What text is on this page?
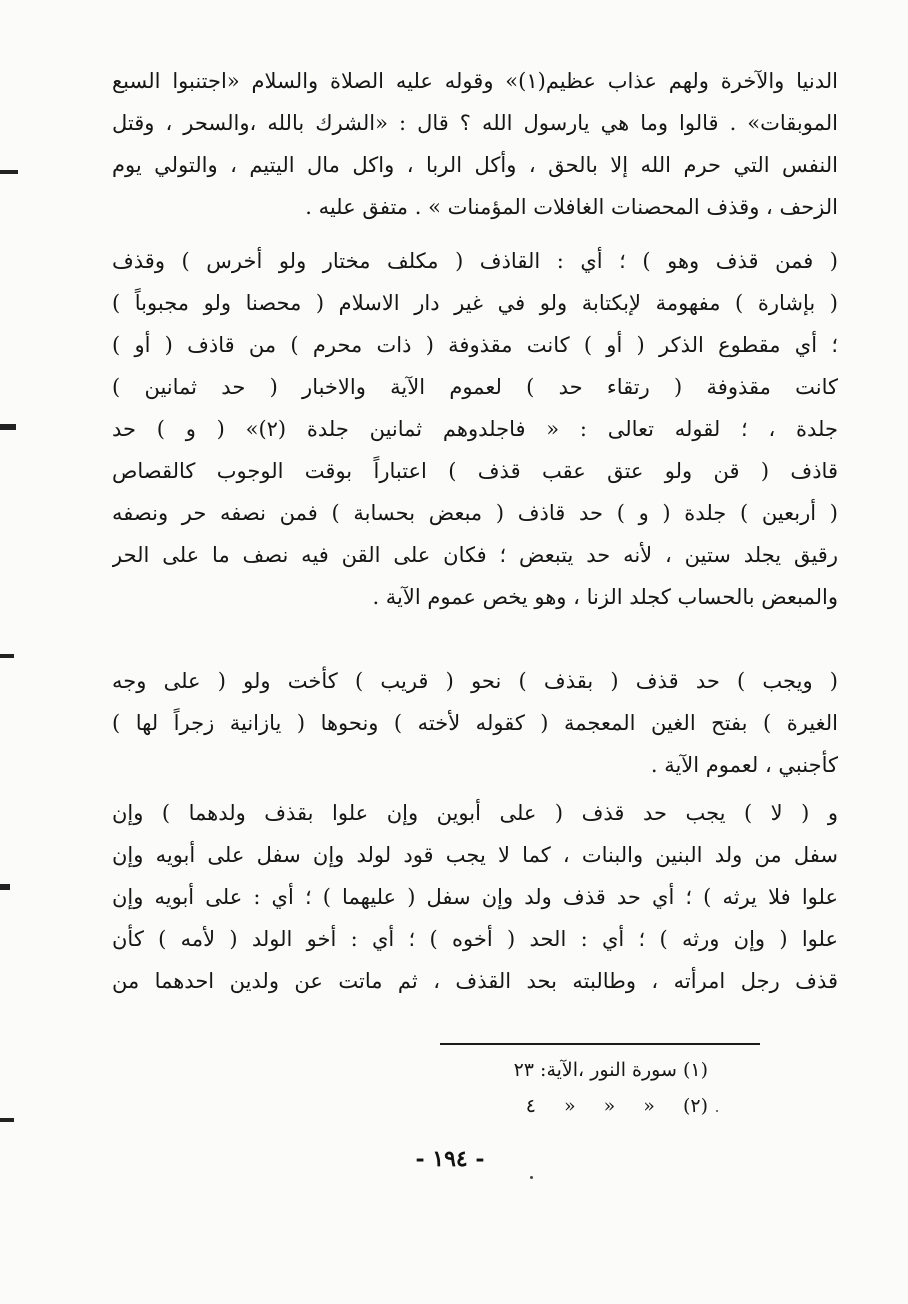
الدنيا والآخرة ولهم عذاب عظيم(١)» وقوله عليه الصلاة والسلام «اجتنبوا السبع
الموبقات» . قالوا وما هي يارسول الله ؟ قال : «الشرك بالله ،والسحر ، وقتل
النفس التي حرم الله إلا بالحق ، وأكل الربا ، واكل مال اليتيم ، والتولي يوم
الزحف ، وقذف المحصنات الغافلات المؤمنات » . متفق عليه .
( فمن قذف وهو ) ؛ أي : القاذف ( مكلف مختار ولو أخرس ) وقذف
( بإشارة ) مفهومة لإبكتابة ولو في غير دار الاسلام ( محصنا ولو مجبوباً )
؛ أي مقطوع الذكر ( أو ) كانت مقذوفة ( ذات محرم ) من قاذف ( أو )
كانت مقذوفة ( رتقاء حد ) لعموم الآية والاخبار ( حد ثمانين )
جلدة ، ؛ لقوله تعالى : « فاجلدوهم ثمانين جلدة (٢)» ( و ) حد
قاذف ( قن ولو عتق عقب قذف ) اعتباراً بوقت الوجوب كالقصاص
( أربعين ) جلدة ( و ) حد قاذف ( مبعض بحسابة ) فمن نصفه حر ونصفه
رقيق يجلد ستين ، لأنه حد يتبعض ؛ فكان على القن فيه نصف ما على الحر
والمبعض بالحساب كجلد الزنا ، وهو يخص عموم الآية .
( ويجب ) حد قذف ( بقذف ) نحو ( قريب ) كأخت ولو ( على وجه
الغيرة ) بفتح الغين المعجمة ( كقوله لأخته ) ونحوها ( يازانية زجراً لها )
كأجنبي ، لعموم الآية .
و ( لا ) يجب حد قذف ( على أبوين وإن علوا بقذف ولدهما ) وإن
سفل من ولد البنين والبنات ، كما لا يجب قود لولد وإن سفل على أبويه وإن
علوا فلا يرثه ) ؛ أي حد قذف ولد وإن سفل ( عليهما ) ؛ أي : على أبويه وإن
علوا ( وإن ورثه ) ؛ أي : الحد ( أخوه ) ؛ أي : أخو الولد ( لأمه ) كأن
قذف رجل امرأته ، وطالبته بحد القذف ، ثم ماتت عن ولدين احدهما من
(١) سورة النور ،الآية: ٢٣
(٢) « « « ٤
- ١٩٤ -
